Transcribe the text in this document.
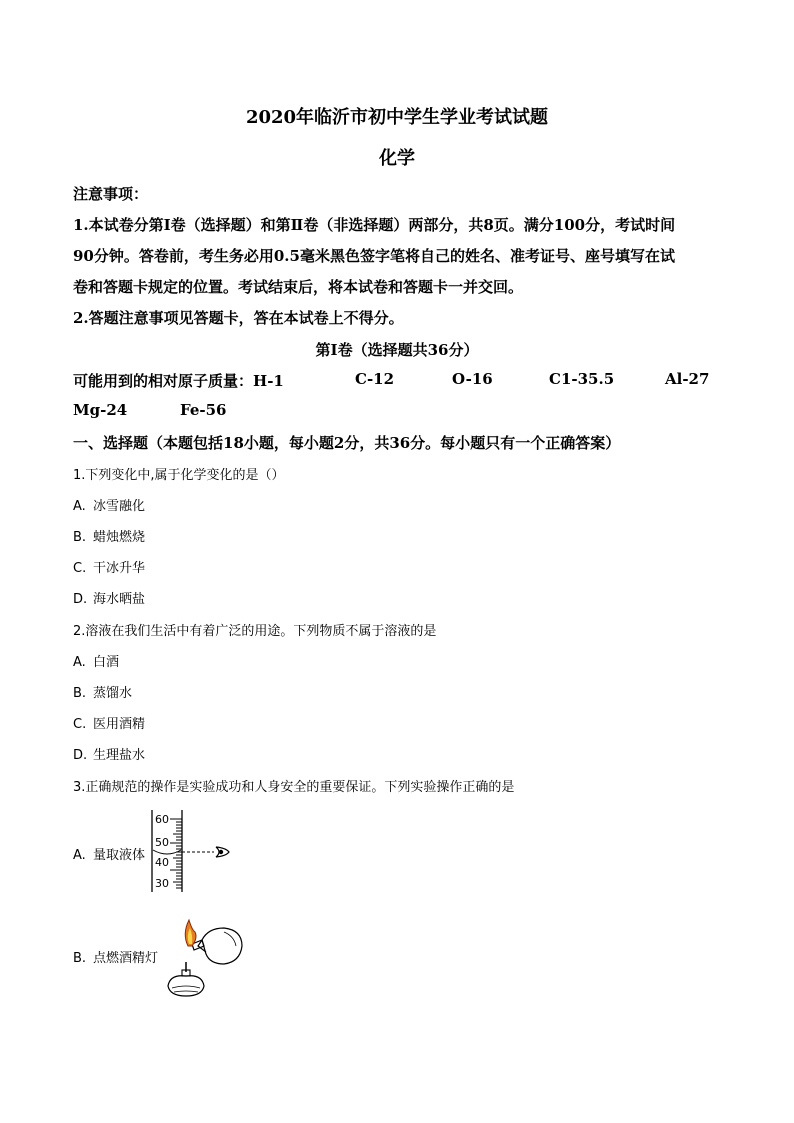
2020年临沂市初中学生学业考试试题
化学
注意事项：
1.本试卷分第Ⅰ卷（选择题）和第Ⅱ卷（非选择题）两部分，共8页。满分100分，考试时间
90分钟。答卷前，考生务必用0.5毫米黑色签字笔将自己的姓名、准考证号、座号填写在试
卷和答题卡规定的位置。考试结束后，将本试卷和答题卡一并交回。
2.答题注意事项见答题卡，答在本试卷上不得分。
第Ⅰ卷（选择题共36分）
可能用到的相对原子质量：H-1	C-12	O-16	C1-35.5	Al-27
Mg-24	Fe-56
一、选择题（本题包括18小题，每小题2分，共36分。每小题只有一个正确答案）
1.下列变化中,属于化学变化的是（）
A. 冰雪融化
B. 蜡烛燃烧
C. 干冰升华
D. 海水晒盐
2.溶液在我们生活中有着广泛的用途。下列物质不属于溶液的是
A. 白酒
B. 蒸馏水
C. 医用酒精
D. 生理盐水
3.正确规范的操作是实验成功和人身安全的重要保证。下列实验操作正确的是
A. 量取液体
60
50
40
30
B. 点燃酒精灯
